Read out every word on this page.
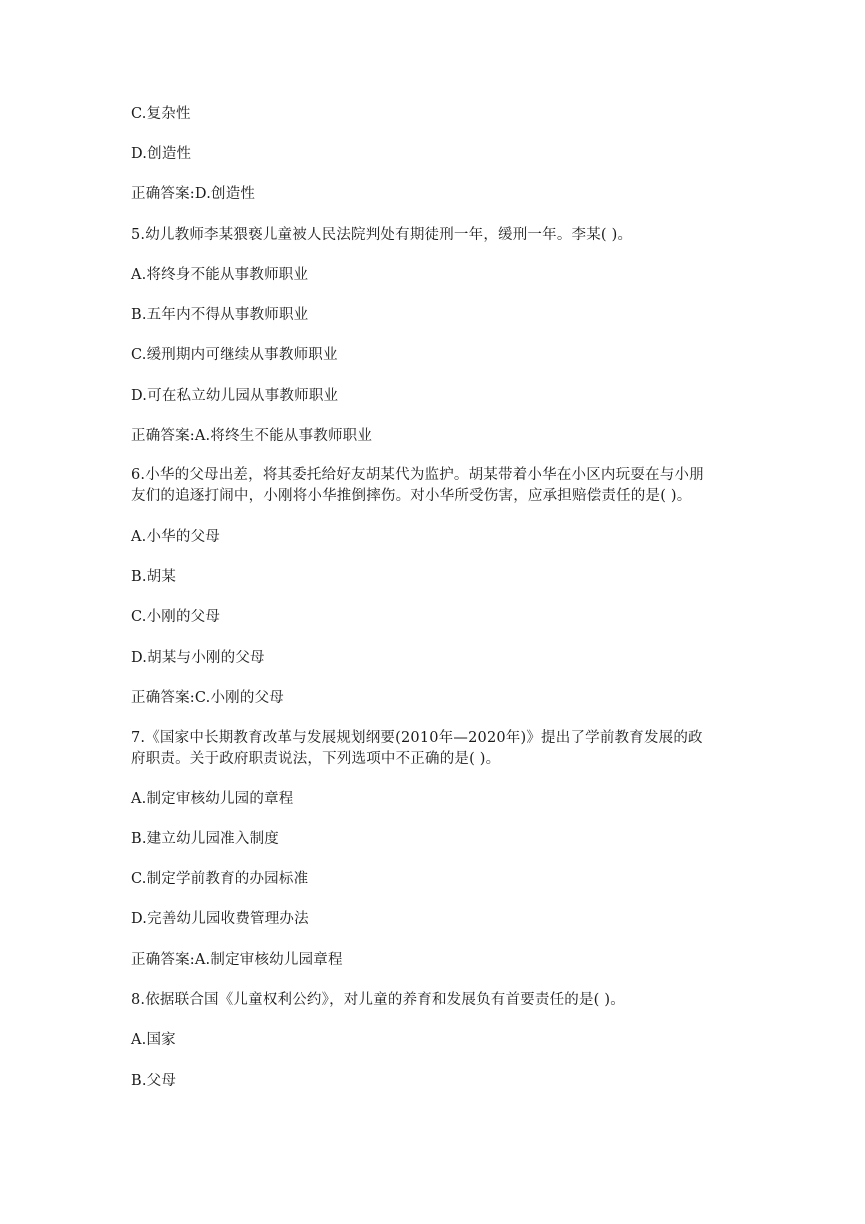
C.复杂性
D.创造性
正确答案:D.创造性
5.幼儿教师李某猥亵儿童被人民法院判处有期徒刑一年，缓刑一年。李某( )。
A.将终身不能从事教师职业
B.五年内不得从事教师职业
C.缓刑期内可继续从事教师职业
D.可在私立幼儿园从事教师职业
正确答案:A.将终生不能从事教师职业
6.小华的父母出差，将其委托给好友胡某代为监护。胡某带着小华在小区内玩耍在与小朋
友们的追逐打闹中，小刚将小华推倒摔伤。对小华所受伤害，应承担赔偿责任的是( )。
A.小华的父母
B.胡某
C.小刚的父母
D.胡某与小刚的父母
正确答案:C.小刚的父母
7.《国家中长期教育改革与发展规划纲要(2010年—2020年)》提出了学前教育发展的政
府职责。关于政府职责说法，下列选项中不正确的是( )。
A.制定审核幼儿园的章程
B.建立幼儿园准入制度
C.制定学前教育的办园标准
D.完善幼儿园收费管理办法
正确答案:A.制定审核幼儿园章程
8.依据联合国《儿童权利公约》，对儿童的养育和发展负有首要责任的是( )。
A.国家
B.父母
